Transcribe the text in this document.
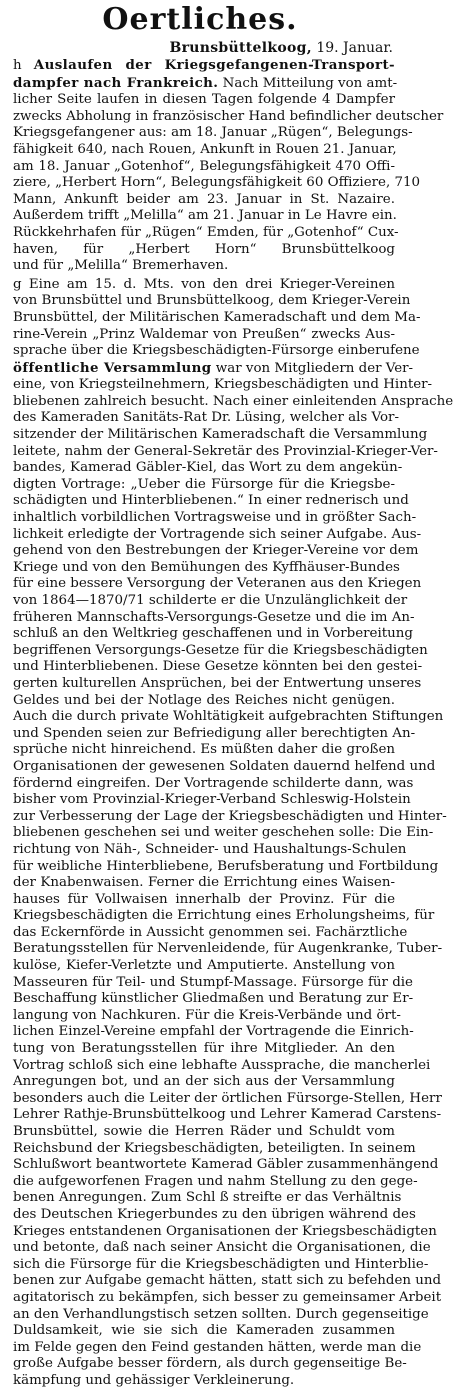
Oertliches.
Brunsbüttelkoog, 19. Januar.
h Auslaufen der Kriegsgefangenen-Transport-
dampfer nach Frankreich. Nach Mitteilung von amt-
licher Seite laufen in diesen Tagen folgende 4 Dampfer
zwecks Abholung in französischer Hand befindlicher deutscher
Kriegsgefangener aus: am 18. Januar „Rügen“, Belegungs-
fähigkeit 640, nach Rouen, Ankunft in Rouen 21. Januar,
am 18. Januar „Gotenhof“, Belegungsfähigkeit 470 Offi-
ziere, „Herbert Horn“, Belegungsfähigkeit 60 Offiziere, 710
Mann, Ankunft beider am 23. Januar in St. Nazaire.
Außerdem trifft „Melilla“ am 21. Januar in Le Havre ein.
Rückkehrhafen für „Rügen“ Emden, für „Gotenhof“ Cux-
haven, für „Herbert Horn“ Brunsbüttelkoog
und für „Melilla“ Bremerhaven.
g Eine am 15. d. Mts. von den drei Krieger-Vereinen
von Brunsbüttel und Brunsbüttelkoog, dem Krieger-Verein
Brunsbüttel, der Militärischen Kameradschaft und dem Ma-
rine-Verein „Prinz Waldemar von Preußen“ zwecks Aus-
sprache über die Kriegsbeschädigten-Fürsorge einberufene
öffentliche Versammlung war von Mitgliedern der Ver-
eine, von Kriegsteilnehmern, Kriegsbeschädigten und Hinter-
bliebenen zahlreich besucht. Nach einer einleitenden Ansprache
des Kameraden Sanitäts-Rat Dr. Lüsing, welcher als Vor-
sitzender der Militärischen Kameradschaft die Versammlung
leitete, nahm der General-Sekretär des Provinzial-Krieger-Ver-
bandes, Kamerad Gäbler-Kiel, das Wort zu dem angekün-
digten Vortrage: „Ueber die Fürsorge für die Kriegsbe-
schädigten und Hinterbliebenen.“ In einer rednerisch und
inhaltlich vorbildlichen Vortragsweise und in größter Sach-
lichkeit erledigte der Vortragende sich seiner Aufgabe. Aus-
gehend von den Bestrebungen der Krieger-Vereine vor dem
Kriege und von den Bemühungen des Kyffhäuser-Bundes
für eine bessere Versorgung der Veteranen aus den Kriegen
von 1864—1870/71 schilderte er die Unzulänglichkeit der
früheren Mannschafts-Versorgungs-Gesetze und die im An-
schluß an den Weltkrieg geschaffenen und in Vorbereitung
begriffenen Versorgungs-Gesetze für die Kriegsbeschädigten
und Hinterbliebenen. Diese Gesetze könnten bei den gestei-
gerten kulturellen Ansprüchen, bei der Entwertung unseres
Geldes und bei der Notlage des Reiches nicht genügen.
Auch die durch private Wohltätigkeit aufgebrachten Stiftungen
und Spenden seien zur Befriedigung aller berechtigten An-
sprüche nicht hinreichend. Es müßten daher die großen
Organisationen der gewesenen Soldaten dauernd helfend und
fördernd eingreifen. Der Vortragende schilderte dann, was
bisher vom Provinzial-Krieger-Verband Schleswig-Holstein
zur Verbesserung der Lage der Kriegsbeschädigten und Hinter-
bliebenen geschehen sei und weiter geschehen solle: Die Ein-
richtung von Näh-, Schneider- und Haushaltungs-Schulen
für weibliche Hinterbliebene, Berufsberatung und Fortbildung
der Knabenwaisen. Ferner die Errichtung eines Waisen-
hauses für Vollwaisen innerhalb der Provinz. Für die
Kriegsbeschädigten die Errichtung eines Erholungsheims, für
das Eckernförde in Aussicht genommen sei. Fachärztliche
Beratungsstellen für Nervenleidende, für Augenkranke, Tuber-
kulöse, Kiefer-Verletzte und Amputierte. Anstellung von
Masseuren für Teil- und Stumpf-Massage. Fürsorge für die
Beschaffung künstlicher Gliedmaßen und Beratung zur Er-
langung von Nachkuren. Für die Kreis-Verbände und ört-
lichen Einzel-Vereine empfahl der Vortragende die Einrich-
tung von Beratungsstellen für ihre Mitglieder. An den
Vortrag schloß sich eine lebhafte Aussprache, die mancherlei
Anregungen bot, und an der sich aus der Versammlung
besonders auch die Leiter der örtlichen Fürsorge-Stellen, Herr
Lehrer Rathje-Brunsbüttelkoog und Lehrer Kamerad Carstens-
Brunsbüttel, sowie die Herren Räder und Schuldt vom
Reichsbund der Kriegsbeschädigten, beteiligten. In seinem
Schlußwort beantwortete Kamerad Gäbler zusammenhängend
die aufgeworfenen Fragen und nahm Stellung zu den gege-
benen Anregungen. Zum Schl ß streifte er das Verhältnis
des Deutschen Kriegerbundes zu den übrigen während des
Krieges entstandenen Organisationen der Kriegsbeschädigten
und betonte, daß nach seiner Ansicht die Organisationen, die
sich die Fürsorge für die Kriegsbeschädigten und Hinterblie-
benen zur Aufgabe gemacht hätten, statt sich zu befehden und
agitatorisch zu bekämpfen, sich besser zu gemeinsamer Arbeit
an den Verhandlungstisch setzen sollten. Durch gegenseitige
Duldsamkeit, wie sie sich die Kameraden zusammen
im Felde gegen den Feind gestanden hätten, werde man die
große Aufgabe besser fördern, als durch gegenseitige Be-
kämpfung und gehässiger Verkleinerung.
